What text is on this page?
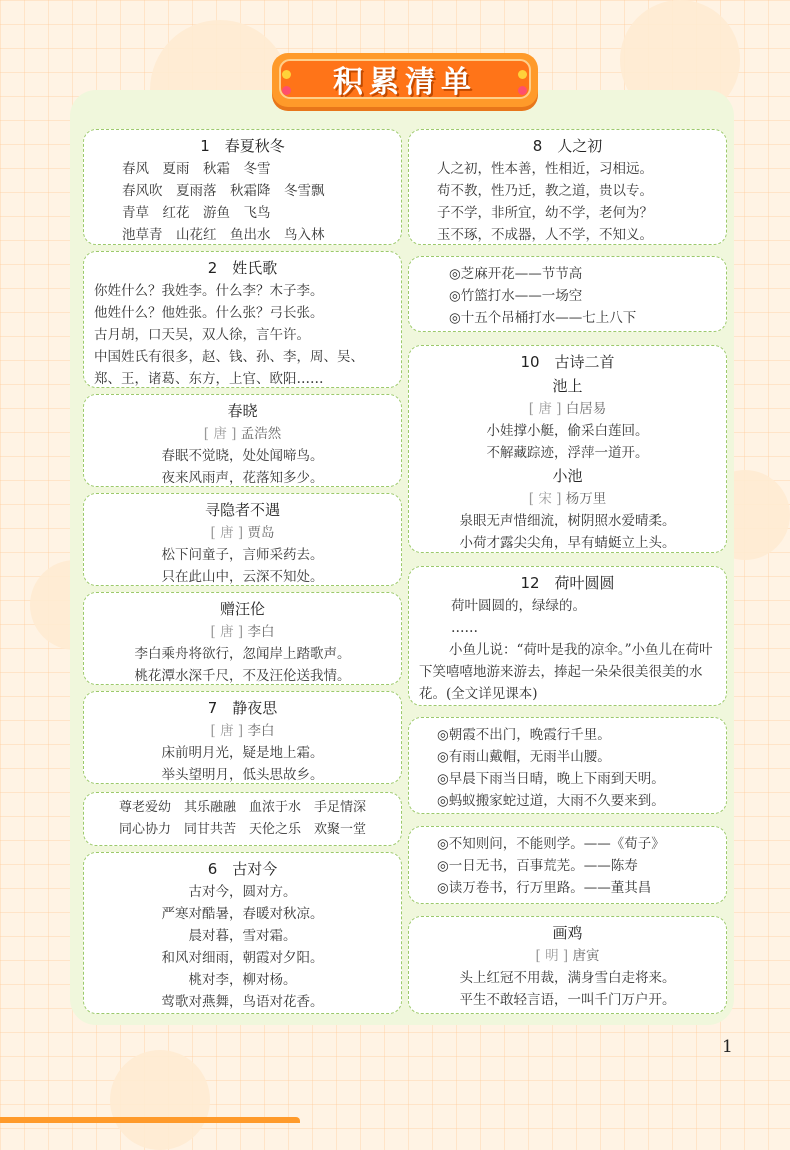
积累清单
1　春夏秋冬
春风　夏雨　秋霜　冬雪
春风吹　夏雨落　秋霜降　冬雪飘
青草　红花　游鱼　飞鸟
池草青　山花红　鱼出水　鸟入林
2　姓氏歌
你姓什么？我姓李。什么李？木子李。
他姓什么？他姓张。什么张？弓长张。
古月胡，口天吴，双人徐，言午许。
中国姓氏有很多，赵、钱、孙、李，周、吴、
郑、王，诸葛、东方，上官、欧阳……
春晓
[ 唐 ] 孟浩然
春眠不觉晓，处处闻啼鸟。
夜来风雨声，花落知多少。
寻隐者不遇
[ 唐 ] 贾岛
松下问童子，言师采药去。
只在此山中，云深不知处。
赠汪伦
[ 唐 ] 李白
李白乘舟将欲行，忽闻岸上踏歌声。
桃花潭水深千尺，不及汪伦送我情。
7　静夜思
[ 唐 ] 李白
床前明月光，疑是地上霜。
举头望明月，低头思故乡。
尊老爱幼　其乐融融　血浓于水　手足情深
同心协力　同甘共苦　天伦之乐　欢聚一堂
6　古对今
古对今，圆对方。
严寒对酷暑，春暖对秋凉。
晨对暮，雪对霜。
和风对细雨，朝霞对夕阳。
桃对李，柳对杨。
莺歌对燕舞，鸟语对花香。
8　人之初
人之初，性本善，性相近，习相远。
苟不教，性乃迁，教之道，贵以专。
子不学，非所宜，幼不学，老何为？
玉不琢，不成器，人不学，不知义。
◎芝麻开花——节节高
◎竹篮打水——一场空
◎十五个吊桶打水——七上八下
10　古诗二首
池上
[ 唐 ] 白居易
小娃撑小艇，偷采白莲回。
不解藏踪迹，浮萍一道开。
小池
[ 宋 ] 杨万里
泉眼无声惜细流，树阴照水爱晴柔。
小荷才露尖尖角，早有蜻蜓立上头。
12　荷叶圆圆
荷叶圆圆的，绿绿的。
……
小鱼儿说：“荷叶是我的凉伞。”小鱼儿在荷叶下笑嘻嘻地游来游去，捧起一朵朵很美很美的水花。(全文详见课本)
◎朝霞不出门，晚霞行千里。
◎有雨山戴帽，无雨半山腰。
◎早晨下雨当日晴，晚上下雨到天明。
◎蚂蚁搬家蛇过道，大雨不久要来到。
◎不知则问，不能则学。——《荀子》
◎一日无书，百事荒芜。——陈寿
◎读万卷书，行万里路。——董其昌
画鸡
[ 明 ] 唐寅
头上红冠不用裁，满身雪白走将来。
平生不敢轻言语，一叫千门万户开。
1
